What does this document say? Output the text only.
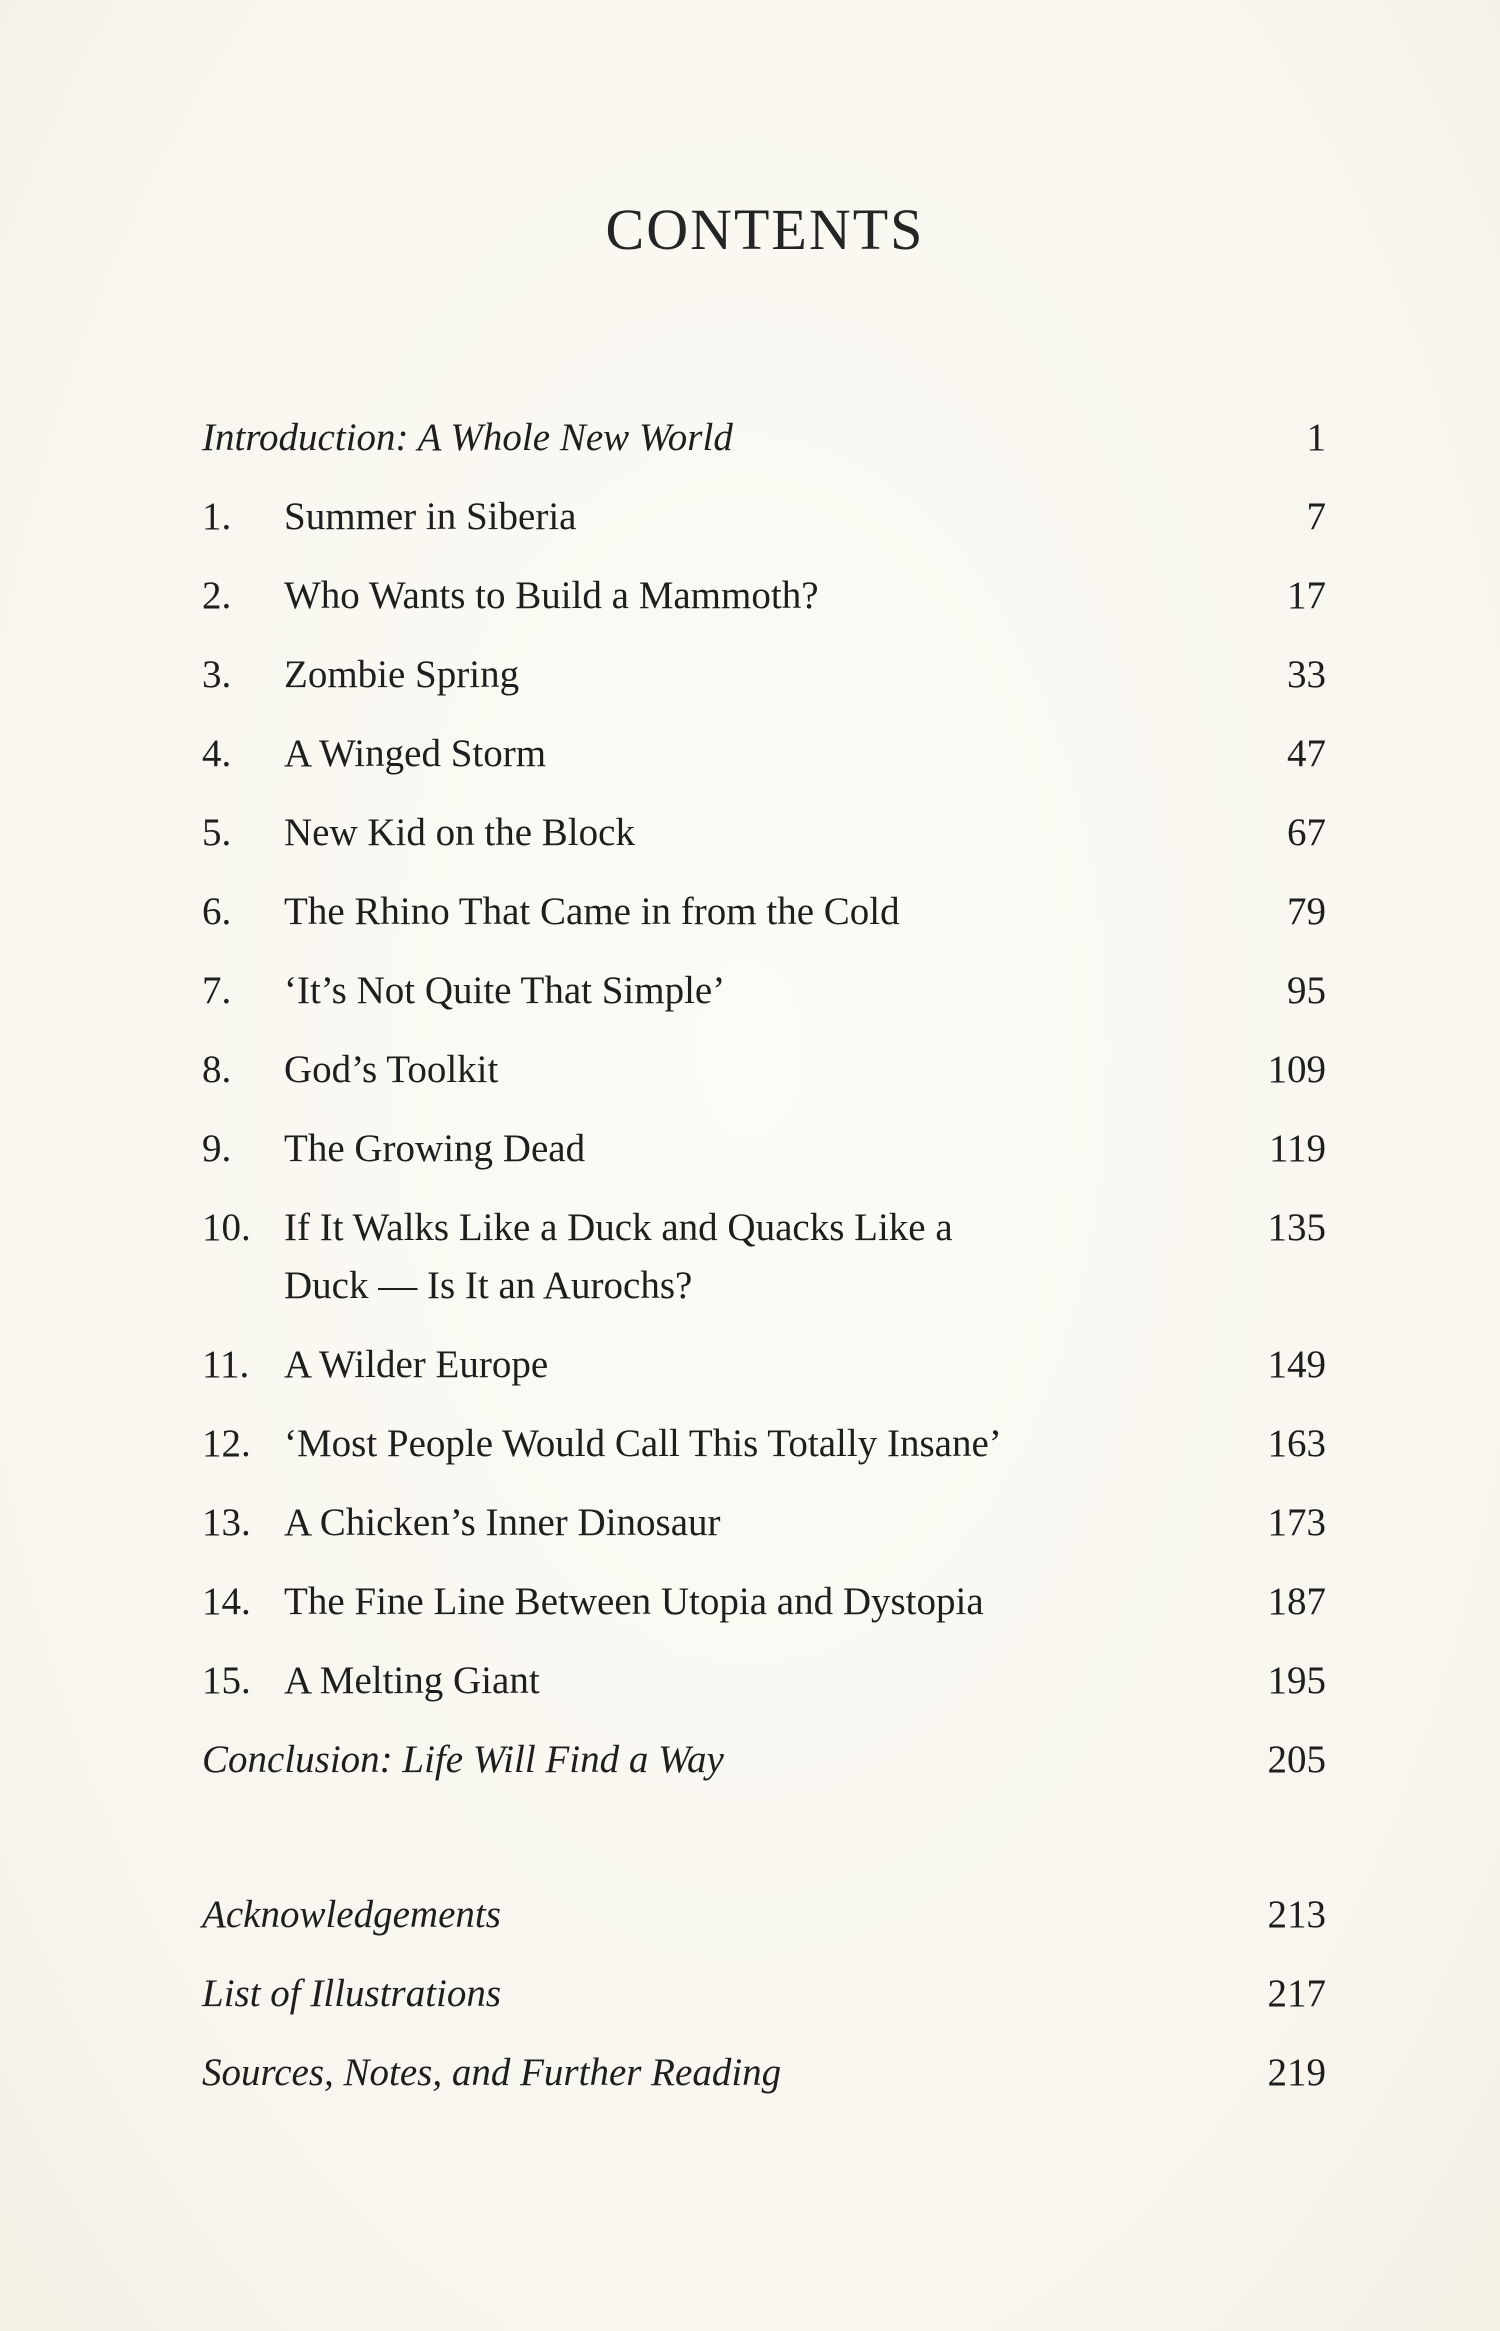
CONTENTS
Introduction: A Whole New World	1
1. Summer in Siberia	7
2. Who Wants to Build a Mammoth?	17
3. Zombie Spring	33
4. A Winged Storm	47
5. New Kid on the Block	67
6. The Rhino That Came in from the Cold	79
7. ‘It’s Not Quite That Simple’	95
8. God’s Toolkit	109
9. The Growing Dead	119
10. If It Walks Like a Duck and Quacks Like a	135
Duck — Is It an Aurochs?
11. A Wilder Europe	149
12. ‘Most People Would Call This Totally Insane’	163
13. A Chicken’s Inner Dinosaur	173
14. The Fine Line Between Utopia and Dystopia	187
15. A Melting Giant	195
Conclusion: Life Will Find a Way	205
Acknowledgements	213
List of Illustrations	217
Sources, Notes, and Further Reading	219
